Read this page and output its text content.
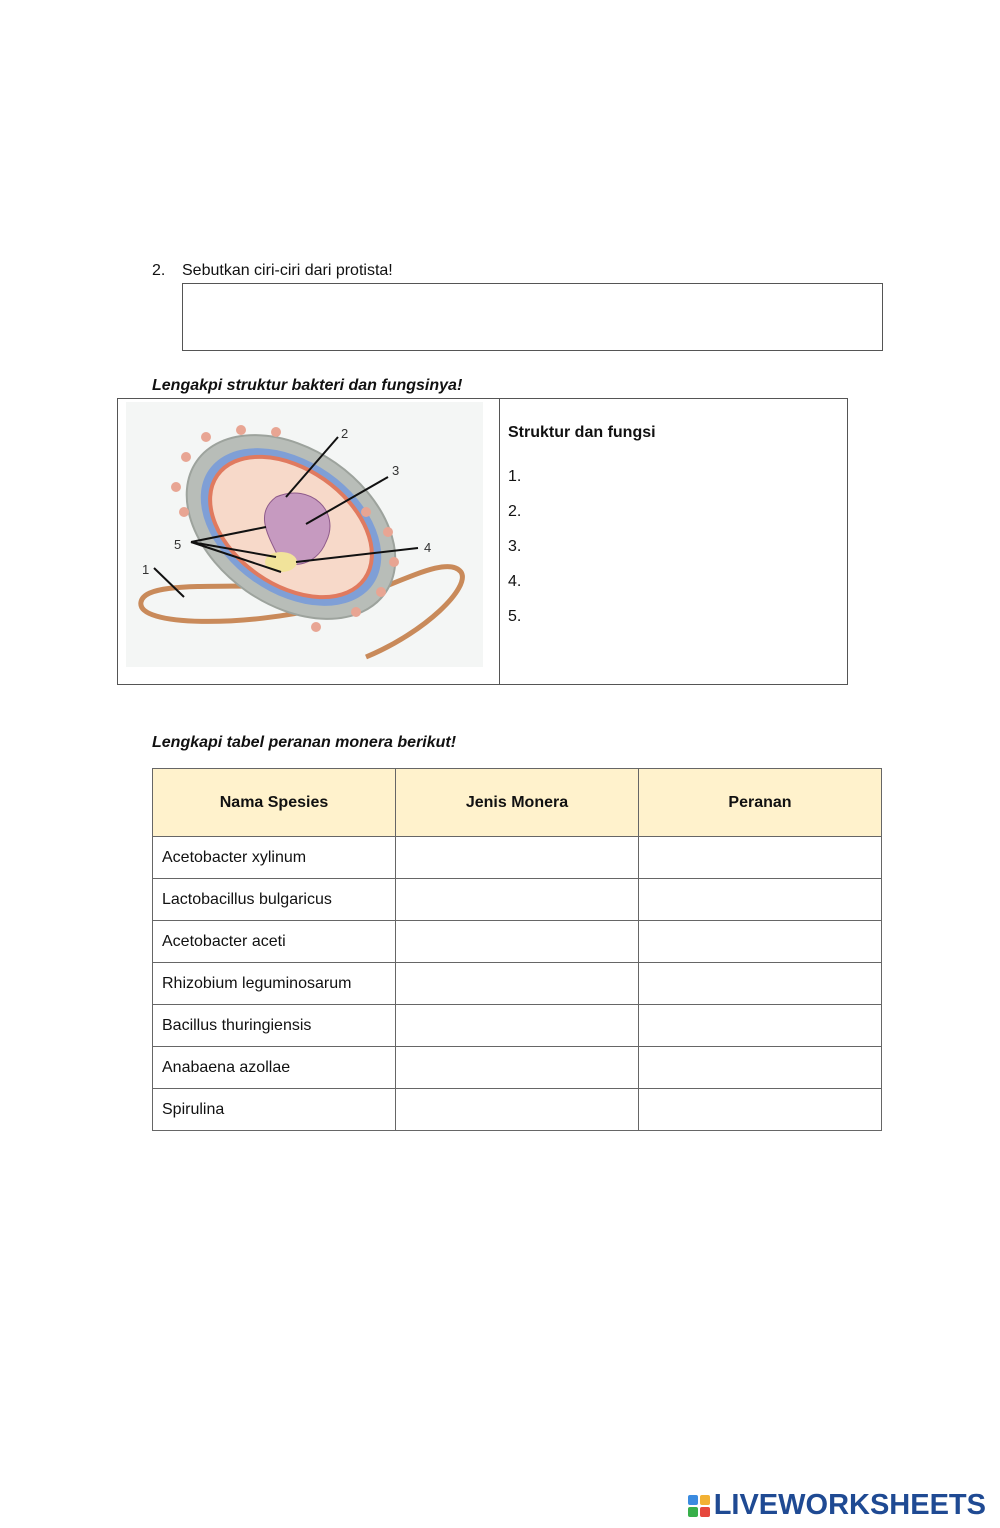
2. Sebutkan ciri-ciri dari protista!
Lengakpi struktur bakteri dan fungsinya!
2
3
4
5
1
Struktur dan fungsi
1.
2.
3.
4.
5.
Lengkapi tabel peranan monera berikut!
Nama Spesies	Jenis Monera	Peranan
Acetobacter xylinum		
Lactobacillus bulgaricus		
Acetobacter aceti		
Rhizobium leguminosarum		
Bacillus thuringiensis		
Anabaena azollae		
Spirulina		
LIVEWORKSHEETS
